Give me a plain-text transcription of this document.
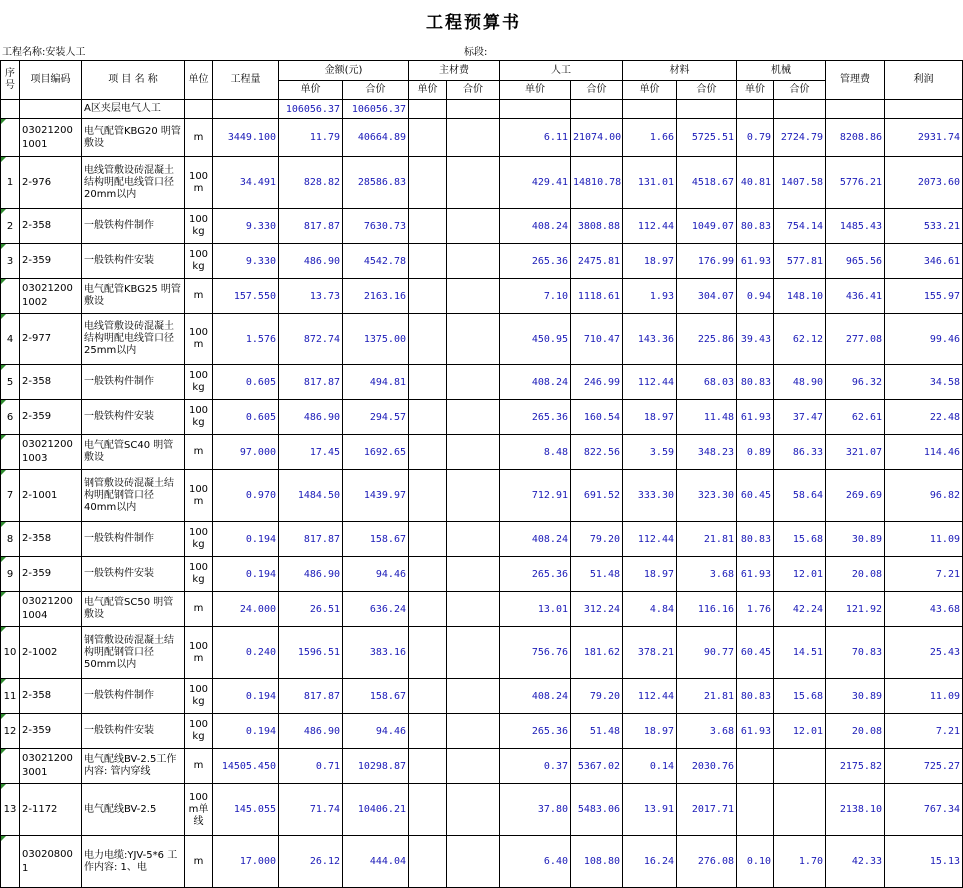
工程预算书
工程名称:安装人工	标段:
序号	项目编码	项 目 名 称	单位	工程量	金额(元)		主材费		人工		材料		机械		管理费	利润
					单价	合价	单价	合价	单价	合价	单价	合价	单价	合价		
		A区夹层电气人工			106056.37	106056.37										
	030212001001	电气配管KBG20 明管敷设	m	3449.100	11.79	40664.89			6.11	21074.00	1.66	5725.51	0.79	2724.79	8208.86	2931.74
1	2-976	电线管敷设砖混凝土结构明配电线管口径20mm以内	100 m	34.491	828.82	28586.83			429.41	14810.78	131.01	4518.67	40.81	1407.58	5776.21	2073.60
2	2-358	一般铁构件制作	100 kg	9.330	817.87	7630.73			408.24	3808.88	112.44	1049.07	80.83	754.14	1485.43	533.21
3	2-359	一般铁构件安装	100 kg	9.330	486.90	4542.78			265.36	2475.81	18.97	176.99	61.93	577.81	965.56	346.61
	030212001002	电气配管KBG25 明管敷设	m	157.550	13.73	2163.16			7.10	1118.61	1.93	304.07	0.94	148.10	436.41	155.97
4	2-977	电线管敷设砖混凝土结构明配电线管口径25mm以内	100 m	1.576	872.74	1375.00			450.95	710.47	143.36	225.86	39.43	62.12	277.08	99.46
5	2-358	一般铁构件制作	100 kg	0.605	817.87	494.81			408.24	246.99	112.44	68.03	80.83	48.90	96.32	34.58
6	2-359	一般铁构件安装	100 kg	0.605	486.90	294.57			265.36	160.54	18.97	11.48	61.93	37.47	62.61	22.48
	030212001003	电气配管SC40 明管敷设	m	97.000	17.45	1692.65			8.48	822.56	3.59	348.23	0.89	86.33	321.07	114.46
7	2-1001	钢管敷设砖混凝土结构明配钢管口径40mm以内	100 m	0.970	1484.50	1439.97			712.91	691.52	333.30	323.30	60.45	58.64	269.69	96.82
8	2-358	一般铁构件制作	100 kg	0.194	817.87	158.67			408.24	79.20	112.44	21.81	80.83	15.68	30.89	11.09
9	2-359	一般铁构件安装	100 kg	0.194	486.90	94.46			265.36	51.48	18.97	3.68	61.93	12.01	20.08	7.21
	030212001004	电气配管SC50 明管敷设	m	24.000	26.51	636.24			13.01	312.24	4.84	116.16	1.76	42.24	121.92	43.68
10	2-1002	钢管敷设砖混凝土结构明配钢管口径50mm以内	100 m	0.240	1596.51	383.16			756.76	181.62	378.21	90.77	60.45	14.51	70.83	25.43
11	2-358	一般铁构件制作	100 kg	0.194	817.87	158.67			408.24	79.20	112.44	21.81	80.83	15.68	30.89	11.09
12	2-359	一般铁构件安装	100 kg	0.194	486.90	94.46			265.36	51.48	18.97	3.68	61.93	12.01	20.08	7.21
	030212003001	电气配线BV-2.5工作内容: 管内穿线	m	14505.450	0.71	10298.87			0.37	5367.02	0.14	2030.76			2175.82	725.27
13	2-1172	电气配线BV-2.5	100 m单线	145.055	71.74	10406.21			37.80	5483.06	13.91	2017.71			2138.10	767.34
	030208001	电力电缆:YJV-5*6 工作内容: 1、电	m	17.000	26.12	444.04			6.40	108.80	16.24	276.08	0.10	1.70	42.33	15.13
